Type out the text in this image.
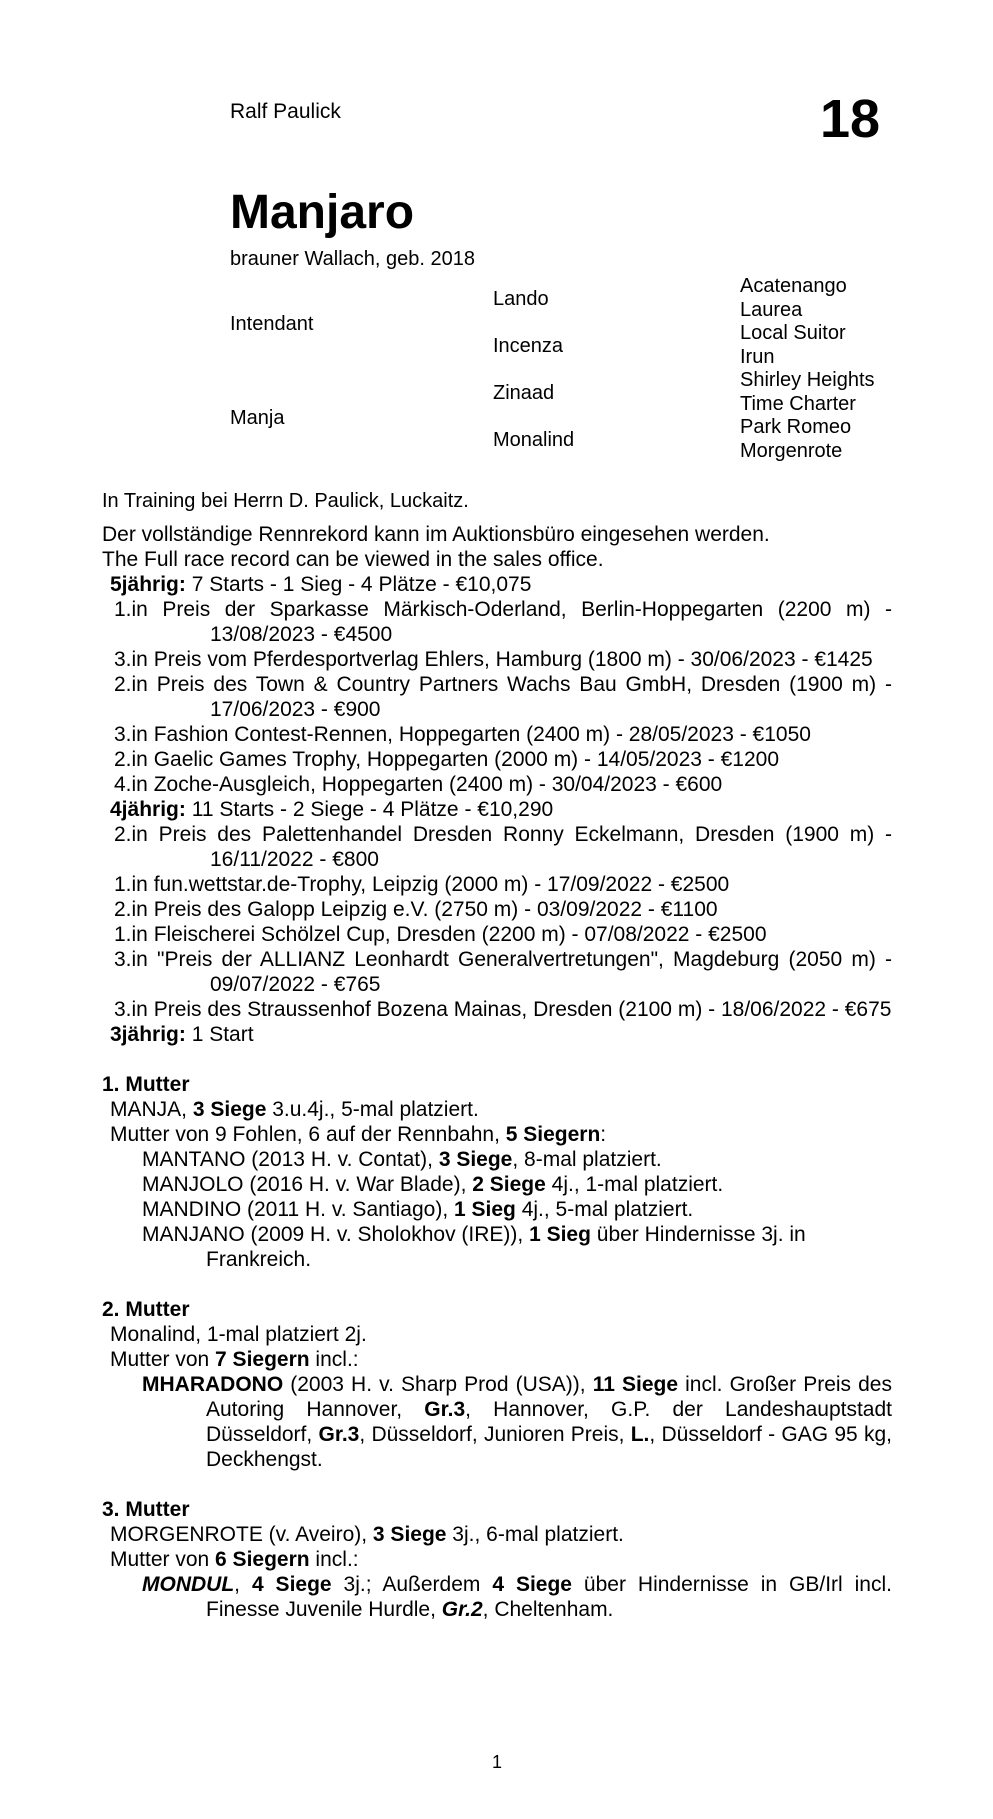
Ralf Paulick	18
Manjaro
brauner Wallach, geb. 2018
Intendant
Manja
Lando
Incenza
Zinaad
Monalind
Acatenango
Laurea
Local Suitor
Irun
Shirley Heights
Time Charter
Park Romeo
Morgenrote
In Training bei Herrn D. Paulick, Luckaitz.

Der vollständige Rennrekord kann im Auktionsbüro eingesehen werden.

The Full race record can be viewed in the sales office.

5jährig: 7 Starts - 1 Sieg - 4 Plätze - €10,075

1.in Preis der Sparkasse Märkisch-Oderland, Berlin-Hoppegarten (2200 m) - 13/08/2023 - €4500

3.in Preis vom Pferdesportverlag Ehlers, Hamburg (1800 m) - 30/06/2023 - €1425

2.in Preis des Town & Country Partners Wachs Bau GmbH, Dresden (1900 m) - 17/06/2023 - €900

3.in Fashion Contest-Rennen, Hoppegarten (2400 m) - 28/05/2023 - €1050

2.in Gaelic Games Trophy, Hoppegarten (2000 m) - 14/05/2023 - €1200

4.in Zoche-Ausgleich, Hoppegarten (2400 m) - 30/04/2023 - €600

4jährig: 11 Starts - 2 Siege - 4 Plätze - €10,290

2.in Preis des Palettenhandel Dresden Ronny Eckelmann, Dresden (1900 m) - 16/11/2022 - €800

1.in fun.wettstar.de-Trophy, Leipzig (2000 m) - 17/09/2022 - €2500

2.in Preis des Galopp Leipzig e.V. (2750 m) - 03/09/2022 - €1100

1.in Fleischerei Schölzel Cup, Dresden (2200 m) - 07/08/2022 - €2500

3.in "Preis der ALLIANZ Leonhardt Generalvertretungen", Magdeburg (2050 m) - 09/07/2022 - €765

3.in Preis des Straussenhof Bozena Mainas, Dresden (2100 m) - 18/06/2022 - €675

3jährig: 1 Start

1. Mutter

MANJA, 3 Siege 3.u.4j., 5-mal platziert.

Mutter von 9 Fohlen, 6 auf der Rennbahn, 5 Siegern:

MANTANO (2013 H. v. Contat), 3 Siege, 8-mal platziert.

MANJOLO (2016 H. v. War Blade), 2 Siege 4j., 1-mal platziert.

MANDINO (2011 H. v. Santiago), 1 Sieg 4j., 5-mal platziert.

MANJANO (2009 H. v. Sholokhov (IRE)), 1 Sieg über Hindernisse 3j. in Frankreich.

2. Mutter

Monalind, 1-mal platziert 2j.

Mutter von 7 Siegern incl.:

MHARADONO (2003 H. v. Sharp Prod (USA)), 11 Siege incl. Großer Preis des Autoring Hannover, Gr.3, Hannover, G.P. der Landeshauptstadt Düsseldorf, Gr.3, Düsseldorf, Junioren Preis, L., Düsseldorf - GAG 95 kg, Deckhengst.

3. Mutter

MORGENROTE (v. Aveiro), 3 Siege 3j., 6-mal platziert.

Mutter von 6 Siegern incl.:

MONDUL, 4 Siege 3j.; Außerdem 4 Siege über Hindernisse in GB/Irl incl. Finesse Juvenile Hurdle, Gr.2, Cheltenham.

1
